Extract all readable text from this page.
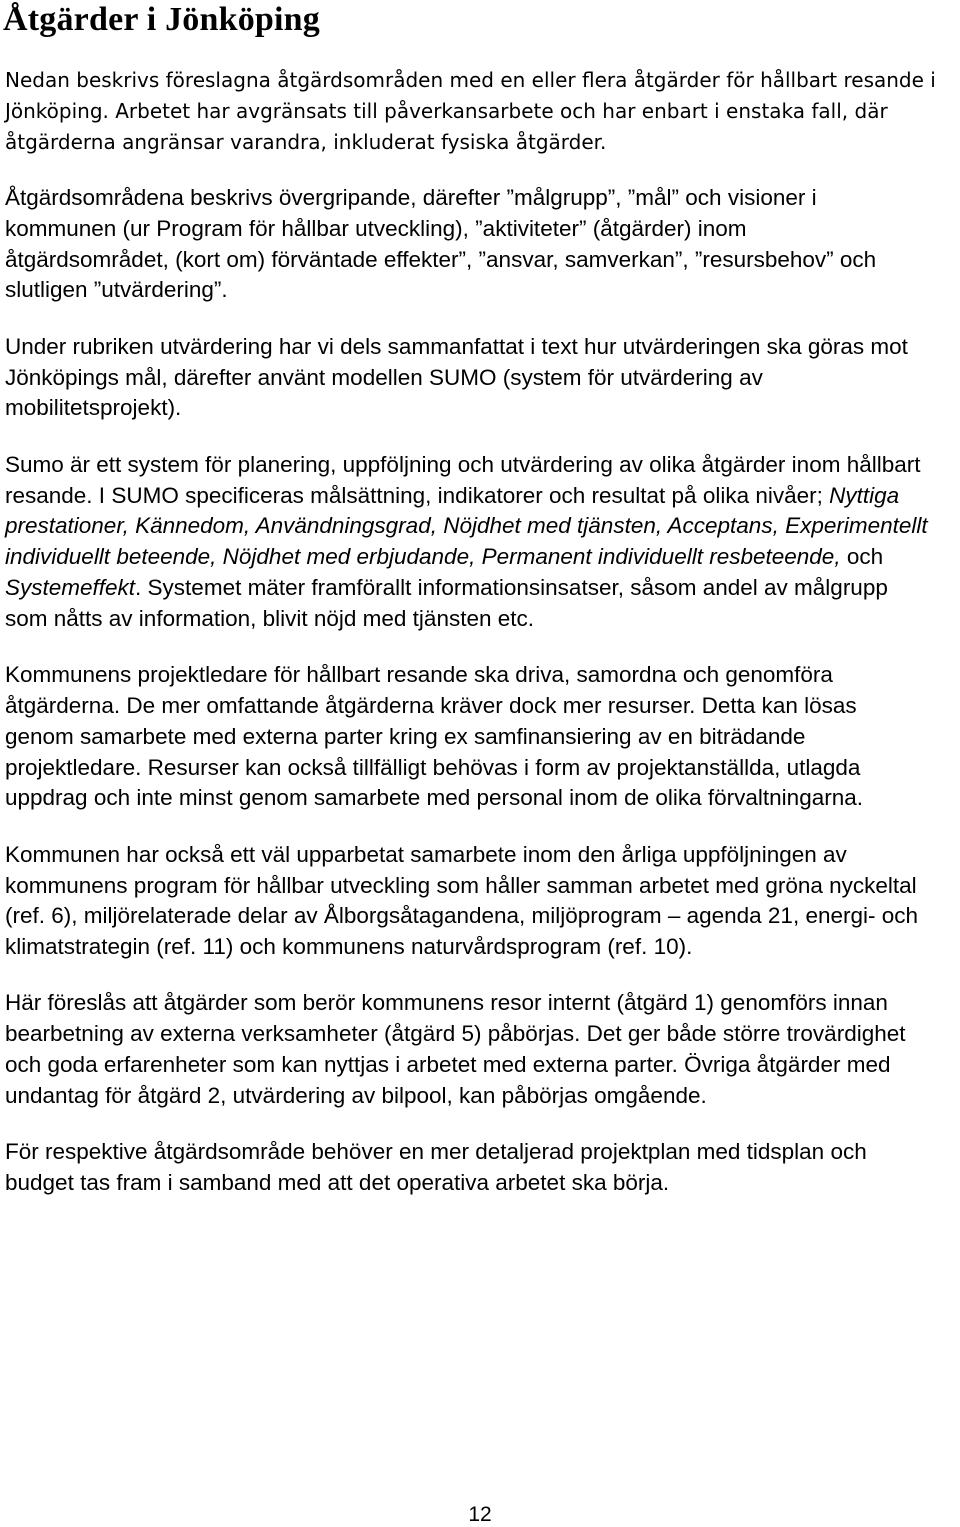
Åtgärder i Jönköping
Nedan beskrivs föreslagna åtgärdsområden med en eller flera åtgärder för hållbart resande i
Jönköping. Arbetet har avgränsats till påverkansarbete och har enbart i enstaka fall, där
åtgärderna angränsar varandra, inkluderat fysiska åtgärder.
Åtgärdsområdena beskrivs övergripande, därefter ”målgrupp”, ”mål” och visioner i
kommunen (ur Program för hållbar utveckling), ”aktiviteter” (åtgärder) inom
åtgärdsområdet, (kort om) förväntade effekter”, ”ansvar, samverkan”, ”resursbehov” och
slutligen ”utvärdering”.
Under rubriken utvärdering har vi dels sammanfattat i text hur utvärderingen ska göras mot
Jönköpings mål, därefter använt modellen SUMO (system för utvärdering av
mobilitetsprojekt).
Sumo är ett system för planering, uppföljning och utvärdering av olika åtgärder inom hållbart
resande. I SUMO specificeras målsättning, indikatorer och resultat på olika nivåer; Nyttiga
prestationer, Kännedom, Användningsgrad, Nöjdhet med tjänsten, Acceptans, Experimentellt
individuellt beteende, Nöjdhet med erbjudande, Permanent individuellt resbeteende, och
Systemeffekt. Systemet mäter framförallt informationsinsatser, såsom andel av målgrupp
som nåtts av information, blivit nöjd med tjänsten etc.
Kommunens projektledare för hållbart resande ska driva, samordna och genomföra
åtgärderna. De mer omfattande åtgärderna kräver dock mer resurser. Detta kan lösas
genom samarbete med externa parter kring ex samfinansiering av en biträdande
projektledare. Resurser kan också tillfälligt behövas i form av projektanställda, utlagda
uppdrag och inte minst genom samarbete med personal inom de olika förvaltningarna.
Kommunen har också ett väl upparbetat samarbete inom den årliga uppföljningen av
kommunens program för hållbar utveckling som håller samman arbetet med gröna nyckeltal
(ref. 6), miljörelaterade delar av Ålborgsåtagandena, miljöprogram – agenda 21, energi- och
klimatstrategin (ref. 11) och kommunens naturvårdsprogram (ref. 10).
Här föreslås att åtgärder som berör kommunens resor internt (åtgärd 1) genomförs innan
bearbetning av externa verksamheter (åtgärd 5) påbörjas. Det ger både större trovärdighet
och goda erfarenheter som kan nyttjas i arbetet med externa parter. Övriga åtgärder med
undantag för åtgärd 2, utvärdering av bilpool, kan påbörjas omgående.
För respektive åtgärdsområde behöver en mer detaljerad projektplan med tidsplan och
budget tas fram i samband med att det operativa arbetet ska börja.
12
